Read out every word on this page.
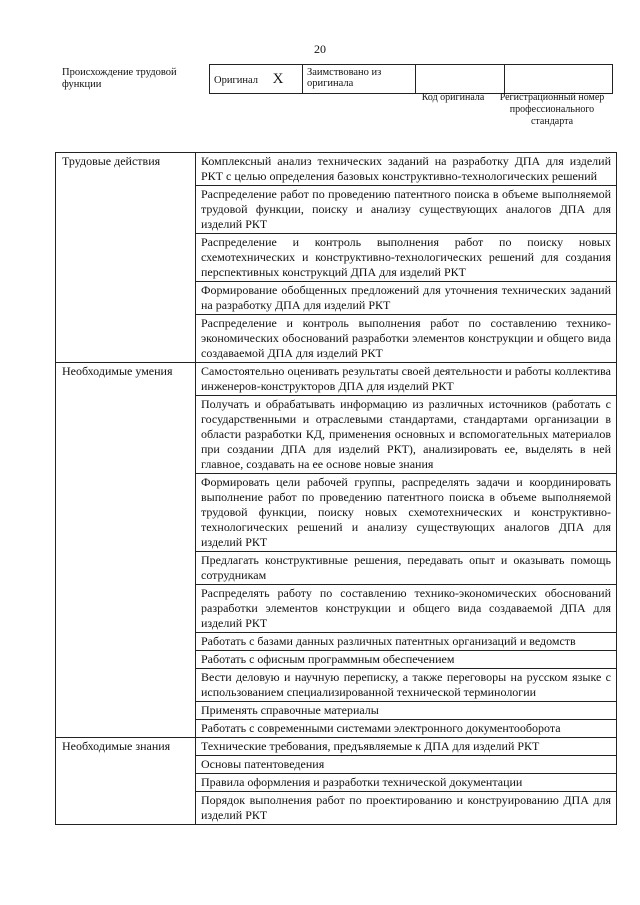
20
Происхождение трудовой функции	Оригинал X	Заимствовано из оригинала		
Код оригинала	Регистрационный номер профессионального стандарта
Трудовые действия	Комплексный анализ технических заданий на разработку ДПА для изделий РКТ с целью определения базовых конструктивно-технологических решений
	Распределение работ по проведению патентного поиска в объеме выполняемой трудовой функции, поиску и анализу существующих аналогов ДПА для изделий РКТ
	Распределение и контроль выполнения работ по поиску новых схемотехнических и конструктивно-технологических решений для создания перспективных конструкций ДПА для изделий РКТ
	Формирование обобщенных предложений для уточнения технических заданий на разработку ДПА для изделий РКТ
	Распределение и контроль выполнения работ по составлению технико-экономических обоснований разработки элементов конструкции и общего вида создаваемой ДПА для изделий РКТ
Необходимые умения	Самостоятельно оценивать результаты своей деятельности и работы коллектива инженеров-конструкторов ДПА для изделий РКТ
	Получать и обрабатывать информацию из различных источников (работать с государственными и отраслевыми стандартами, стандартами организации в области разработки КД, применения основных и вспомогательных материалов при создании ДПА для изделий РКТ), анализировать ее, выделять в ней главное, создавать на ее основе новые знания
	Формировать цели рабочей группы, распределять задачи и координировать выполнение работ по проведению патентного поиска в объеме выполняемой трудовой функции, поиску новых схемотехнических и конструктивно-технологических решений и анализу существующих аналогов ДПА для изделий РКТ
	Предлагать конструктивные решения, передавать опыт и оказывать помощь сотрудникам
	Распределять работу по составлению технико-экономических обоснований разработки элементов конструкции и общего вида создаваемой ДПА для изделий РКТ
	Работать с базами данных различных патентных организаций и ведомств
	Работать с офисным программным обеспечением
	Вести деловую и научную переписку, а также переговоры на русском языке с использованием специализированной технической терминологии
	Применять справочные материалы
	Работать с современными системами электронного документооборота
Необходимые знания	Технические требования, предъявляемые к ДПА для изделий РКТ
	Основы патентоведения
	Правила оформления и разработки технической документации
	Порядок выполнения работ по проектированию и конструированию ДПА для изделий РКТ
